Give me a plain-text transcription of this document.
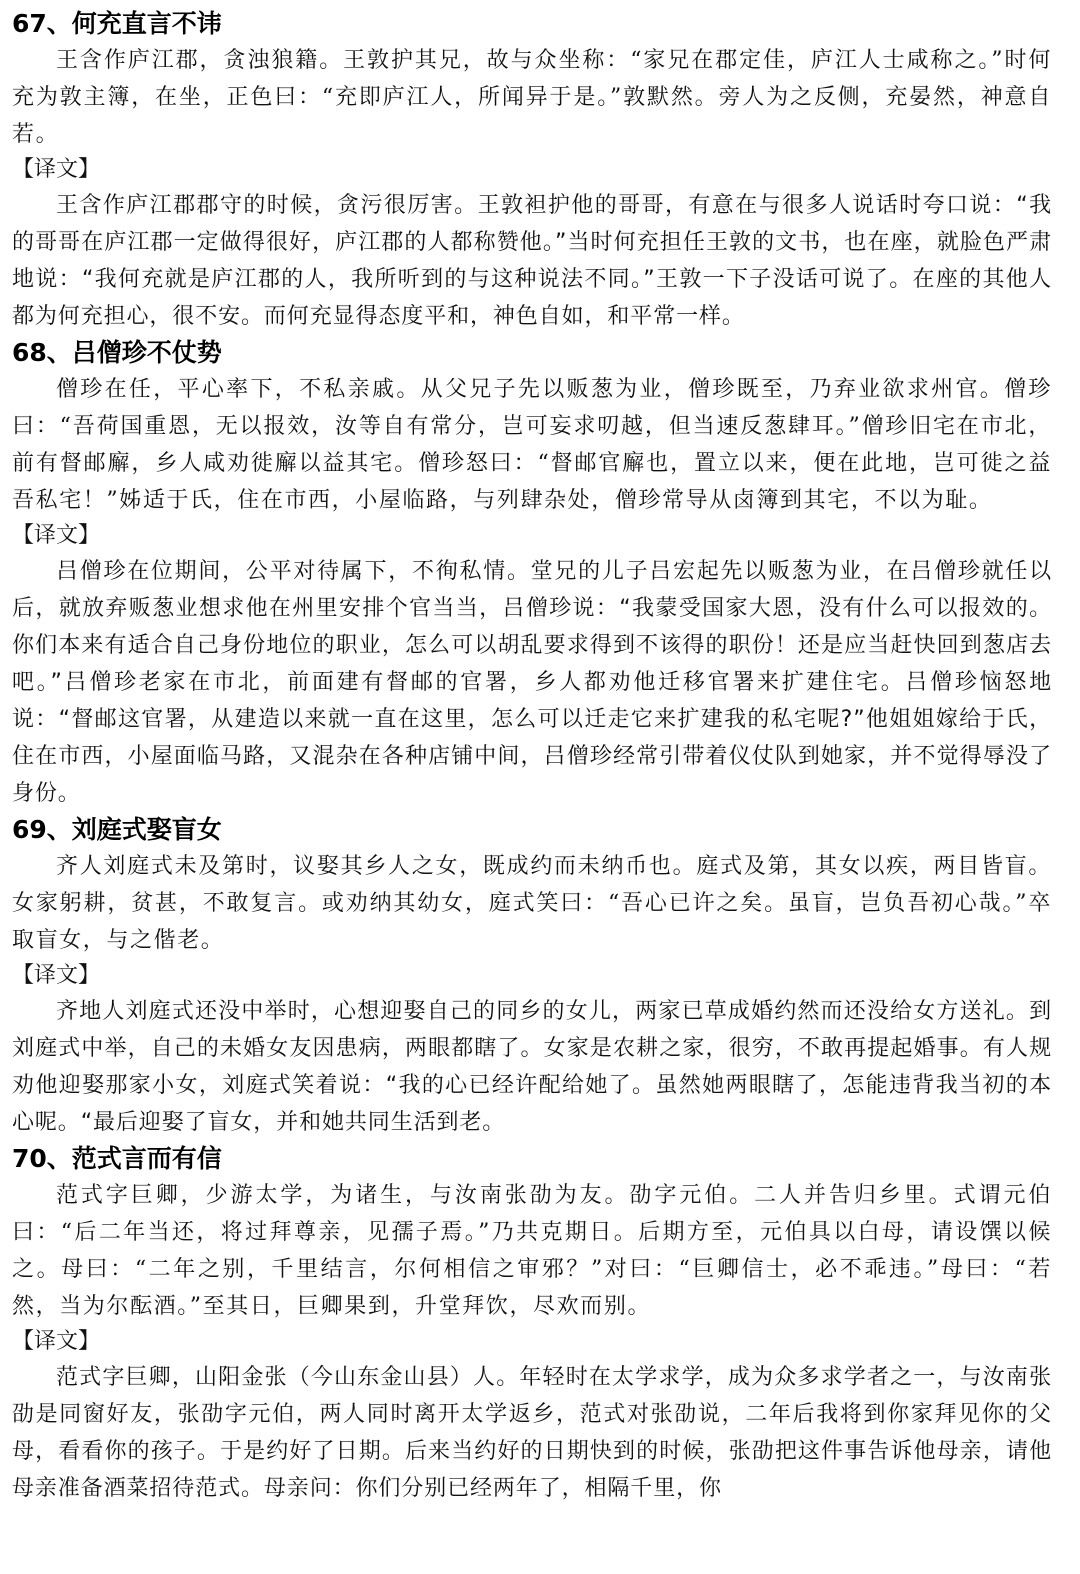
67、何充直言不讳

王含作庐江郡，贪浊狼籍。王敦护其兄，故与众坐称：“家兄在郡定佳，庐江人士咸称之。”时何充为敦主簿，在坐，正色曰：“充即庐江人，所闻异于是。”敦默然。旁人为之反侧，充晏然，神意自若。

【译文】

王含作庐江郡郡守的时候，贪污很厉害。王敦袒护他的哥哥，有意在与很多人说话时夸口说：“我的哥哥在庐江郡一定做得很好，庐江郡的人都称赞他。”当时何充担任王敦的文书，也在座，就脸色严肃地说：“我何充就是庐江郡的人，我所听到的与这种说法不同。”王敦一下子没话可说了。在座的其他人都为何充担心，很不安。而何充显得态度平和，神色自如，和平常一样。

68、吕僧珍不仗势

僧珍在任，平心率下，不私亲戚。从父兄子先以贩葱为业，僧珍既至，乃弃业欲求州官。僧珍曰：“吾荷国重恩，无以报效，汝等自有常分，岂可妄求叨越，但当速反葱肆耳。”僧珍旧宅在市北，前有督邮廨，乡人咸劝徙廨以益其宅。僧珍怒曰：“督邮官廨也，置立以来，便在此地，岂可徙之益吾私宅！”姊适于氏，住在市西，小屋临路，与列肆杂处，僧珍常导从卤簿到其宅，不以为耻。

【译文】

吕僧珍在位期间，公平对待属下，不徇私情。堂兄的儿子吕宏起先以贩葱为业，在吕僧珍就任以后，就放弃贩葱业想求他在州里安排个官当当，吕僧珍说：“我蒙受国家大恩，没有什么可以报效的。你们本来有适合自己身份地位的职业，怎么可以胡乱要求得到不该得的职份！还是应当赶快回到葱店去吧。”吕僧珍老家在市北，前面建有督邮的官署，乡人都劝他迁移官署来扩建住宅。吕僧珍恼怒地说：“督邮这官署，从建造以来就一直在这里，怎么可以迁走它来扩建我的私宅呢?”他姐姐嫁给于氏，住在市西，小屋面临马路，又混杂在各种店铺中间，吕僧珍经常引带着仪仗队到她家，并不觉得辱没了身份。

69、刘庭式娶盲女

齐人刘庭式未及第时，议娶其乡人之女，既成约而未纳币也。庭式及第，其女以疾，两目皆盲。女家躬耕，贫甚，不敢复言。或劝纳其幼女，庭式笑曰：“吾心已许之矣。虽盲，岂负吾初心哉。”卒取盲女，与之偕老。

【译文】

齐地人刘庭式还没中举时，心想迎娶自己的同乡的女儿，两家已草成婚约然而还没给女方送礼。到刘庭式中举，自己的未婚女友因患病，两眼都瞎了。女家是农耕之家，很穷，不敢再提起婚事。有人规劝他迎娶那家小女，刘庭式笑着说：“我的心已经许配给她了。虽然她两眼瞎了，怎能违背我当初的本心呢。“最后迎娶了盲女，并和她共同生活到老。

70、范式言而有信

范式字巨卿，少游太学，为诸生，与汝南张劭为友。劭字元伯。二人并告归乡里。式谓元伯曰：“后二年当还，将过拜尊亲，见孺子焉。”乃共克期日。后期方至，元伯具以白母，请设馔以候之。母曰：“二年之别，千里结言，尔何相信之审邪？”对曰：“巨卿信士，必不乖违。”母曰：“若然，当为尔酝酒。”至其日，巨卿果到，升堂拜饮，尽欢而别。

【译文】

范式字巨卿，山阳金张（今山东金山县）人。年轻时在太学求学，成为众多求学者之一，与汝南张劭是同窗好友，张劭字元伯，两人同时离开太学返乡，范式对张劭说，二年后我将到你家拜见你的父母，看看你的孩子。于是约好了日期。后来当约好的日期快到的时候，张劭把这件事告诉他母亲，请他母亲准备酒菜招待范式。母亲问：你们分别已经两年了，相隔千里，你
